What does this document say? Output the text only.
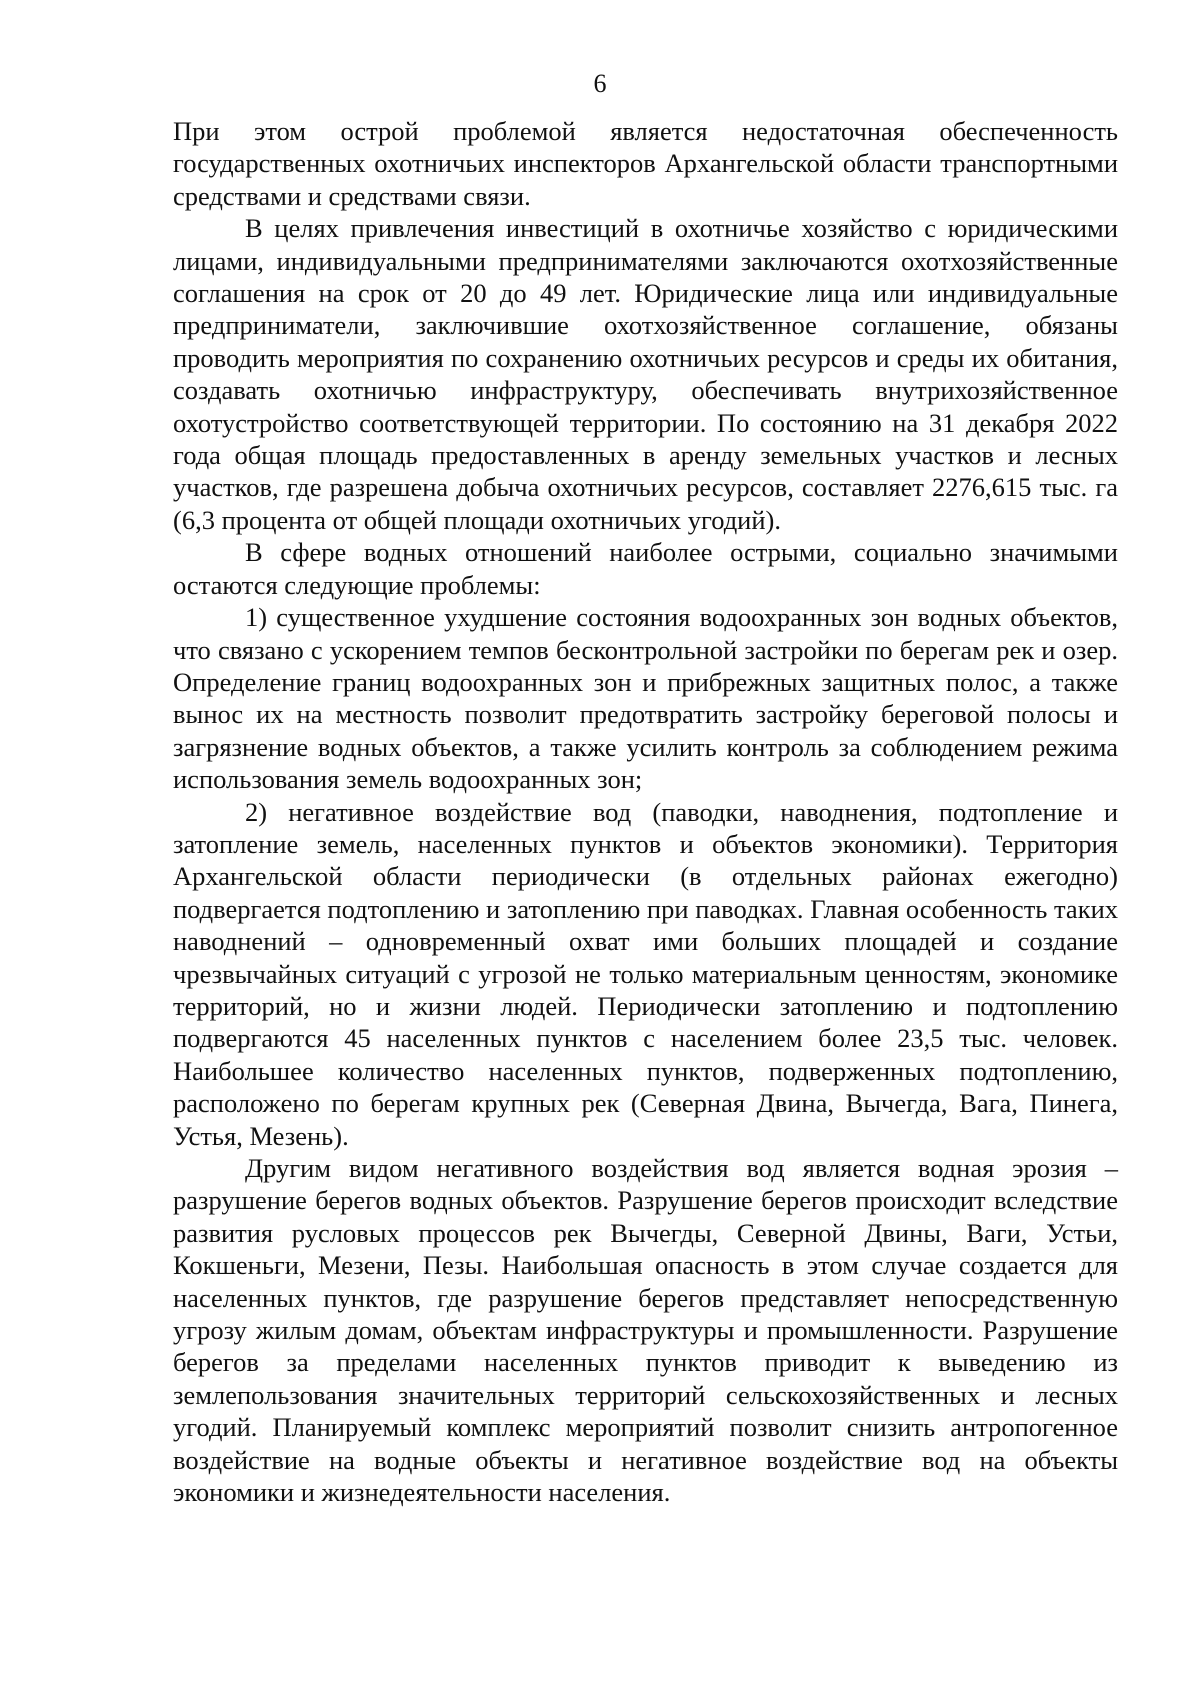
6

При этом острой проблемой является недостаточная обеспеченность государственных охотничьих инспекторов Архангельской области транспортными средствами и средствами связи.

В целях привлечения инвестиций в охотничье хозяйство с юридическими лицами, индивидуальными предпринимателями заключаются охотхозяйственные соглашения на срок от 20 до 49 лет. Юридические лица или индивидуальные предприниматели, заключившие охотхозяйственное соглашение, обязаны проводить мероприятия по сохранению охотничьих ресурсов и среды их обитания, создавать охотничью инфраструктуру, обеспечивать внутрихозяйственное охотустройство соответствующей территории. По состоянию на 31 декабря 2022 года общая площадь предоставленных в аренду земельных участков и лесных участков, где разрешена добыча охотничьих ресурсов, составляет 2276,615 тыс. га (6,3 процента от общей площади охотничьих угодий).

В сфере водных отношений наиболее острыми, социально значимыми остаются следующие проблемы:

1) существенное ухудшение состояния водоохранных зон водных объектов, что связано с ускорением темпов бесконтрольной застройки по берегам рек и озер. Определение границ водоохранных зон и прибрежных защитных полос, а также вынос их на местность позволит предотвратить застройку береговой полосы и загрязнение водных объектов, а также усилить контроль за соблюдением режима использования земель водоохранных зон;

2) негативное воздействие вод (паводки, наводнения, подтопление и затопление земель, населенных пунктов и объектов экономики). Территория Архангельской области периодически (в отдельных районах ежегодно) подвергается подтоплению и затоплению при паводках. Главная особенность таких наводнений – одновременный охват ими больших площадей и создание чрезвычайных ситуаций с угрозой не только материальным ценностям, экономике территорий, но и жизни людей. Периодически затоплению и подтоплению подвергаются 45 населенных пунктов с населением более 23,5 тыс. человек. Наибольшее количество населенных пунктов, подверженных подтоплению, расположено по берегам крупных рек (Северная Двина, Вычегда, Вага, Пинега, Устья, Мезень).

Другим видом негативного воздействия вод является водная эрозия – разрушение берегов водных объектов. Разрушение берегов происходит вследствие развития русловых процессов рек Вычегды, Северной Двины, Ваги, Устьи, Кокшеньги, Мезени, Пезы. Наибольшая опасность в этом случае создается для населенных пунктов, где разрушение берегов представляет непосредственную угрозу жилым домам, объектам инфраструктуры и промышленности. Разрушение берегов за пределами населенных пунктов приводит к выведению из землепользования значительных территорий сельскохозяйственных и лесных угодий. Планируемый комплекс мероприятий позволит снизить антропогенное воздействие на водные объекты и негативное воздействие вод на объекты экономики и жизнедеятельности населения.
